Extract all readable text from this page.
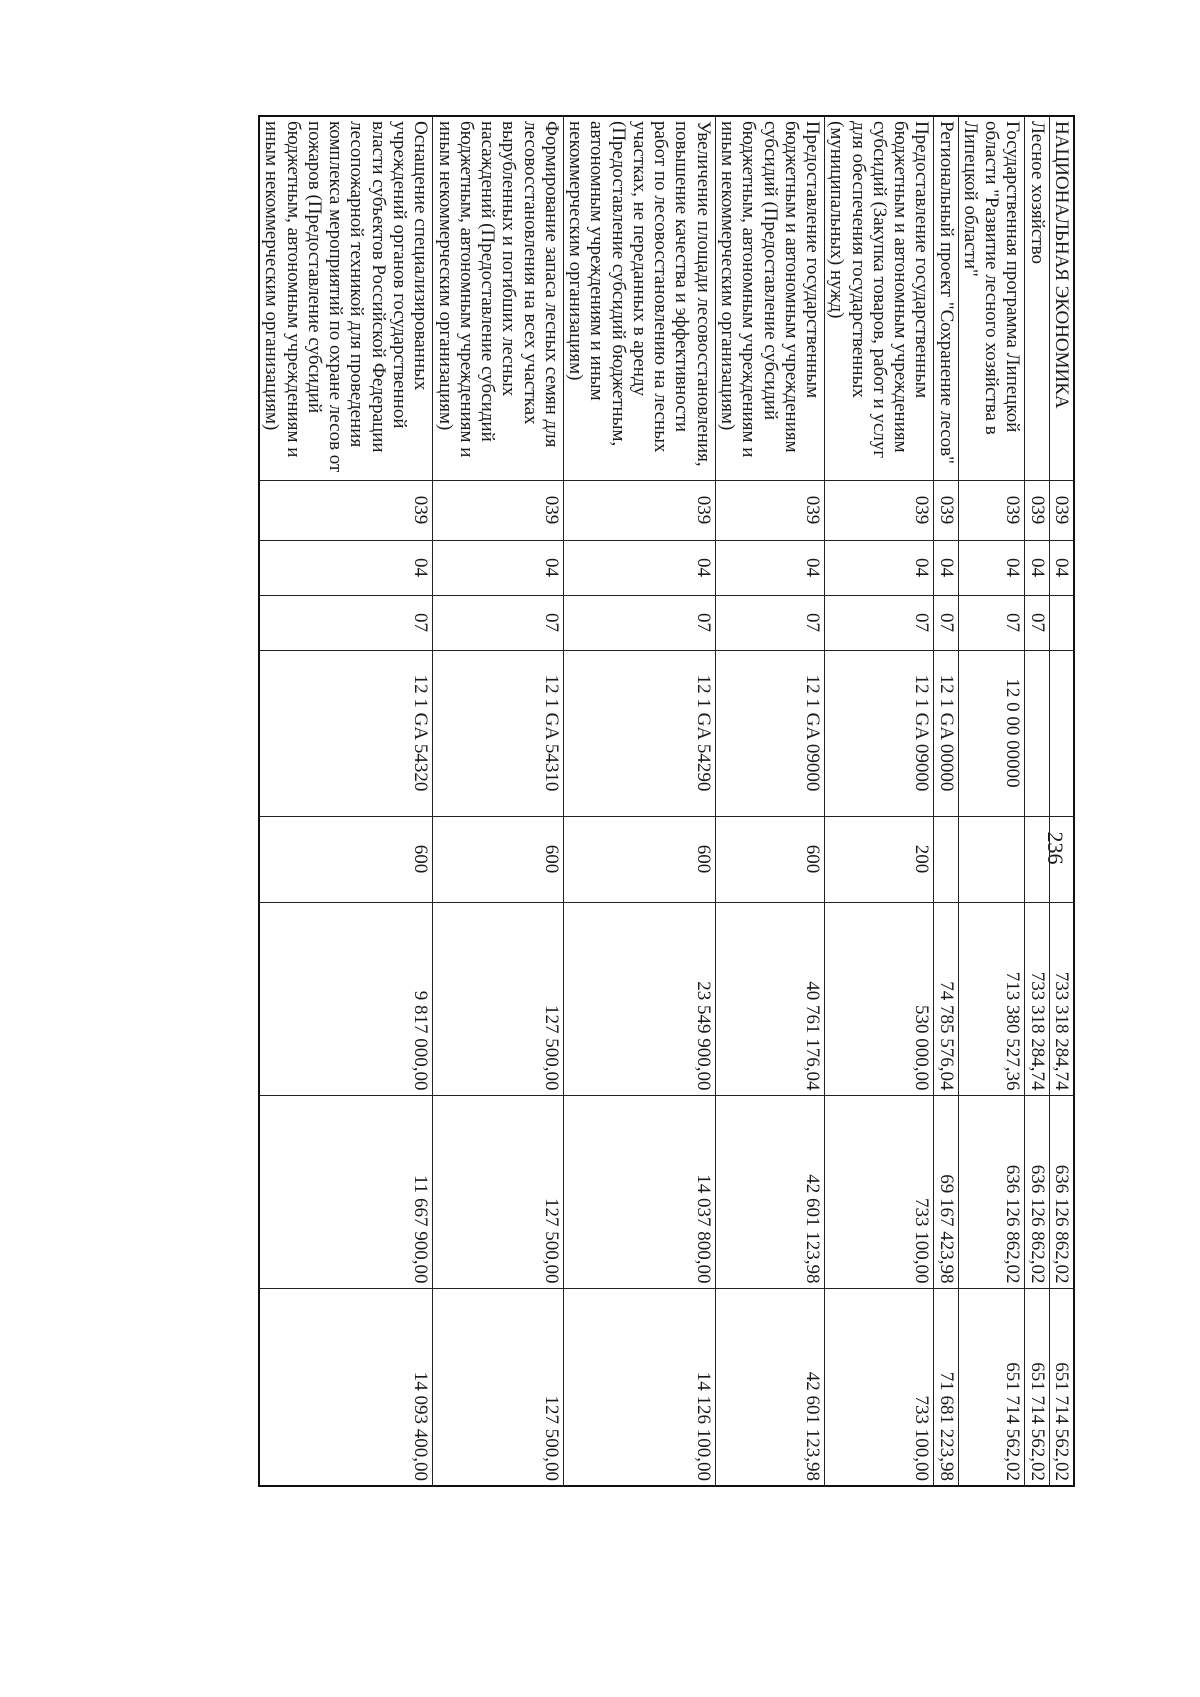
236
НАЦИОНАЛЬНАЯ ЭКОНОМИКА	039	04				733 318 284,74	636 126 862,02	651 714 562,02
Лесное хозяйство	039	04	07			733 318 284,74	636 126 862,02	651 714 562,02
Государственная программа Липецкой области "Развитие лесного хозяйства в Липецкой области"	039	04	07	12 0 00 00000		713 380 527,36	636 126 862,02	651 714 562,02
Региональный проект "Сохранение лесов"	039	04	07	12 1 GA 00000		74 785 576,04	69 167 423,98	71 681 223,98
Предоставление государственным бюджетным и автономным учреждениям субсидий (Закупка товаров, работ и услуг для обеспечения государственных (муниципальных) нужд)	039	04	07	12 1 GA 09000	200	530 000,00	733 100,00	733 100,00
Предоставление государственным бюджетным и автономным учреждениям субсидий (Предоставление субсидий бюджетным, автономным учреждениям и иным некоммерческим организациям)	039	04	07	12 1 GA 09000	600	40 761 176,04	42 601 123,98	42 601 123,98
Увеличение площади лесовосстановления, повышение качества и эффективности работ по лесовосстановлению на лесных участках, не переданных в аренду (Предоставление субсидий бюджетным, автономным учреждениям и иным некоммерческим организациям)	039	04	07	12 1 GA 54290	600	23 549 900,00	14 037 800,00	14 126 100,00
Формирование запаса лесных семян для лесовосстановления на всех участках вырубленных и погибших лесных насаждений (Предоставление субсидий бюджетным, автономным учреждениям и иным некоммерческим организациям)	039	04	07	12 1 GA 54310	600	127 500,00	127 500,00	127 500,00
Оснащение специализированных учреждений органов государственной власти субъектов Российской Федерации лесопожарной техникой для проведения комплекса мероприятий по охране лесов от пожаров (Предоставление субсидий бюджетным, автономным учреждениям и иным некоммерческим организациям)	039	04	07	12 1 GA 54320	600	9 817 000,00	11 667 900,00	14 093 400,00
